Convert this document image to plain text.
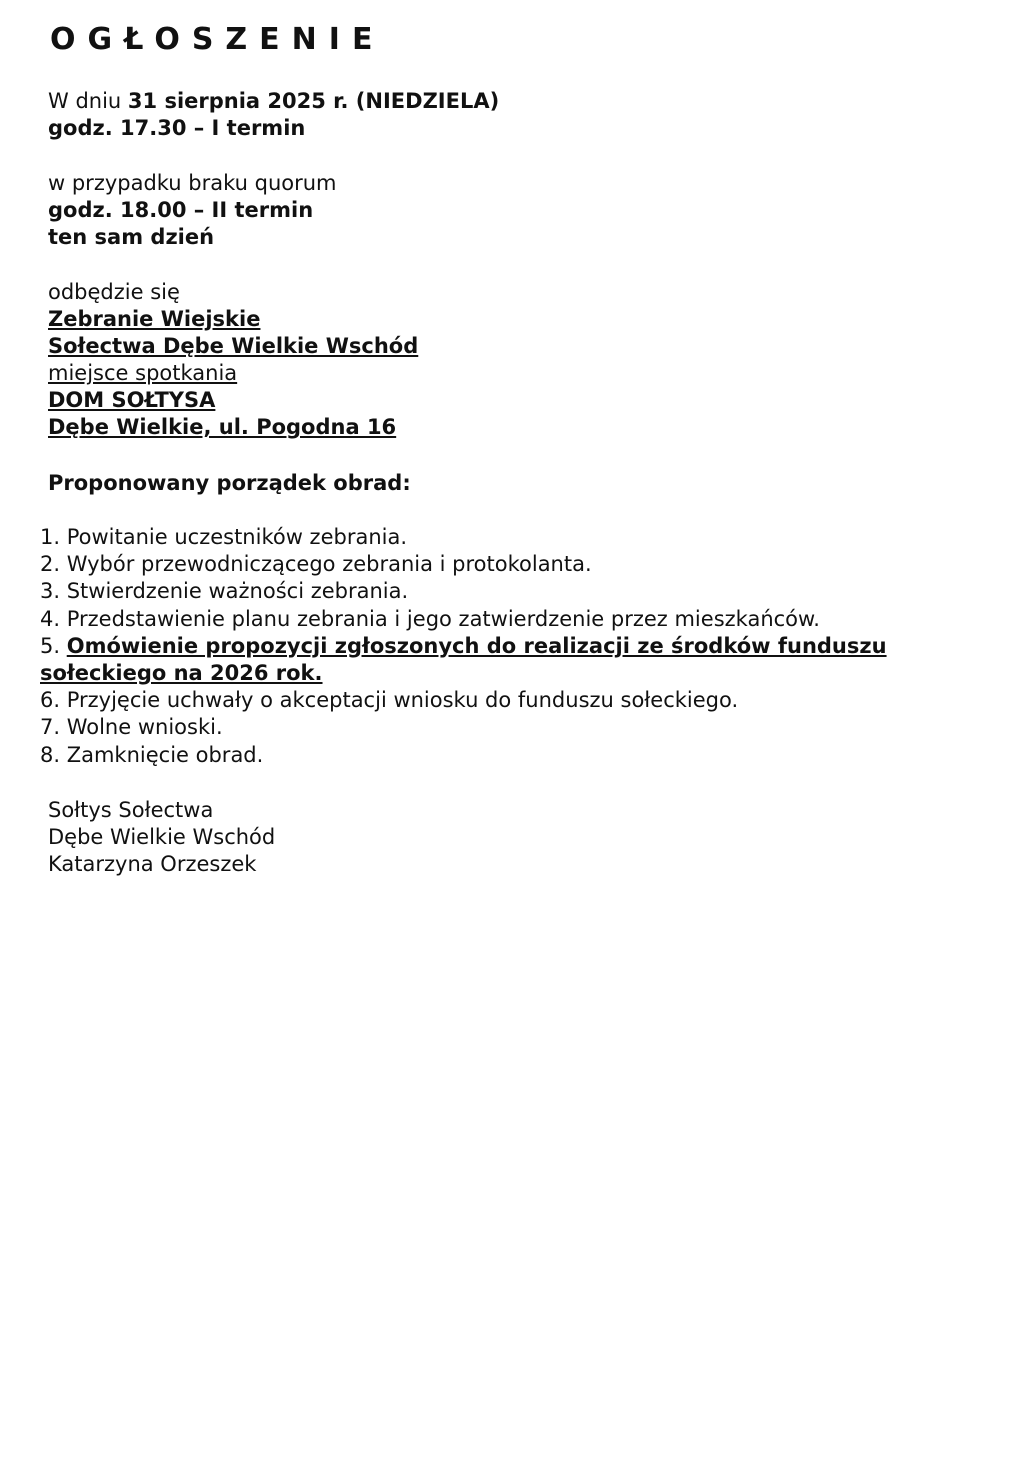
OGŁOSZENIE
W dniu 31 sierpnia 2025 r. (NIEDZIELA)
godz. 17.30 – I termin
w przypadku braku quorum
godz. 18.00 – II termin
ten sam dzień
odbędzie się
Zebranie Wiejskie
Sołectwa Dębe Wielkie Wschód
miejsce spotkania
DOM SOŁTYSA
Dębe Wielkie, ul. Pogodna 16
Proponowany porządek obrad:
1. Powitanie uczestników zebrania.
2. Wybór przewodniczącego zebrania i protokolanta.
3. Stwierdzenie ważności zebrania.
4. Przedstawienie planu zebrania i jego zatwierdzenie przez mieszkańców.
5. Omówienie propozycji zgłoszonych do realizacji ze środków funduszu sołeckiego na 2026 rok.
6. Przyjęcie uchwały o akceptacji wniosku do funduszu sołeckiego.
7. Wolne wnioski.
8. Zamknięcie obrad.
Sołtys Sołectwa
Dębe Wielkie Wschód
Katarzyna Orzeszek
